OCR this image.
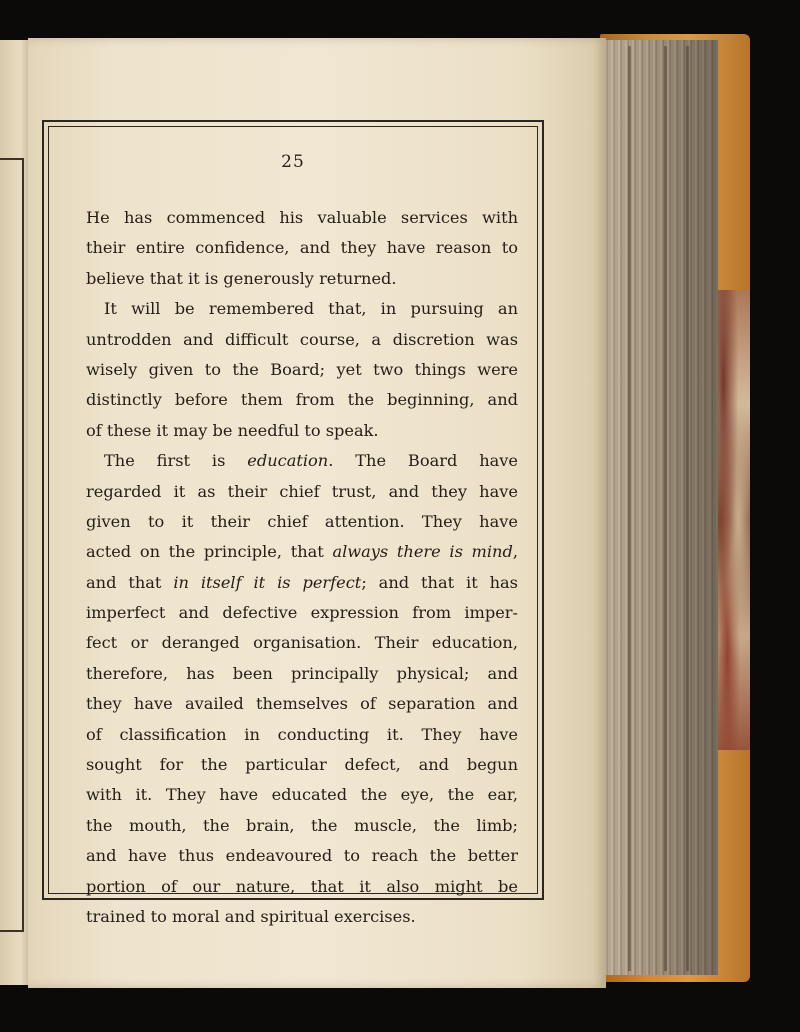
25
He has commenced his valuable services with
their entire confidence, and they have reason to
believe that it is generously returned.
It will be remembered that, in pursuing an
untrodden and difficult course, a discretion was
wisely given to the Board; yet two things were
distinctly before them from the beginning, and
of these it may be needful to speak.
The first is education. The Board have
regarded it as their chief trust, and they have
given to it their chief attention. They have
acted on the principle, that always there is mind,
and that in itself it is perfect; and that it has
imperfect and defective expression from imper-
fect or deranged organisation. Their education,
therefore, has been principally physical; and
they have availed themselves of separation and
of classification in conducting it. They have
sought for the particular defect, and begun
with it. They have educated the eye, the ear,
the mouth, the brain, the muscle, the limb;
and have thus endeavoured to reach the better
portion of our nature, that it also might be
trained to moral and spiritual exercises.
